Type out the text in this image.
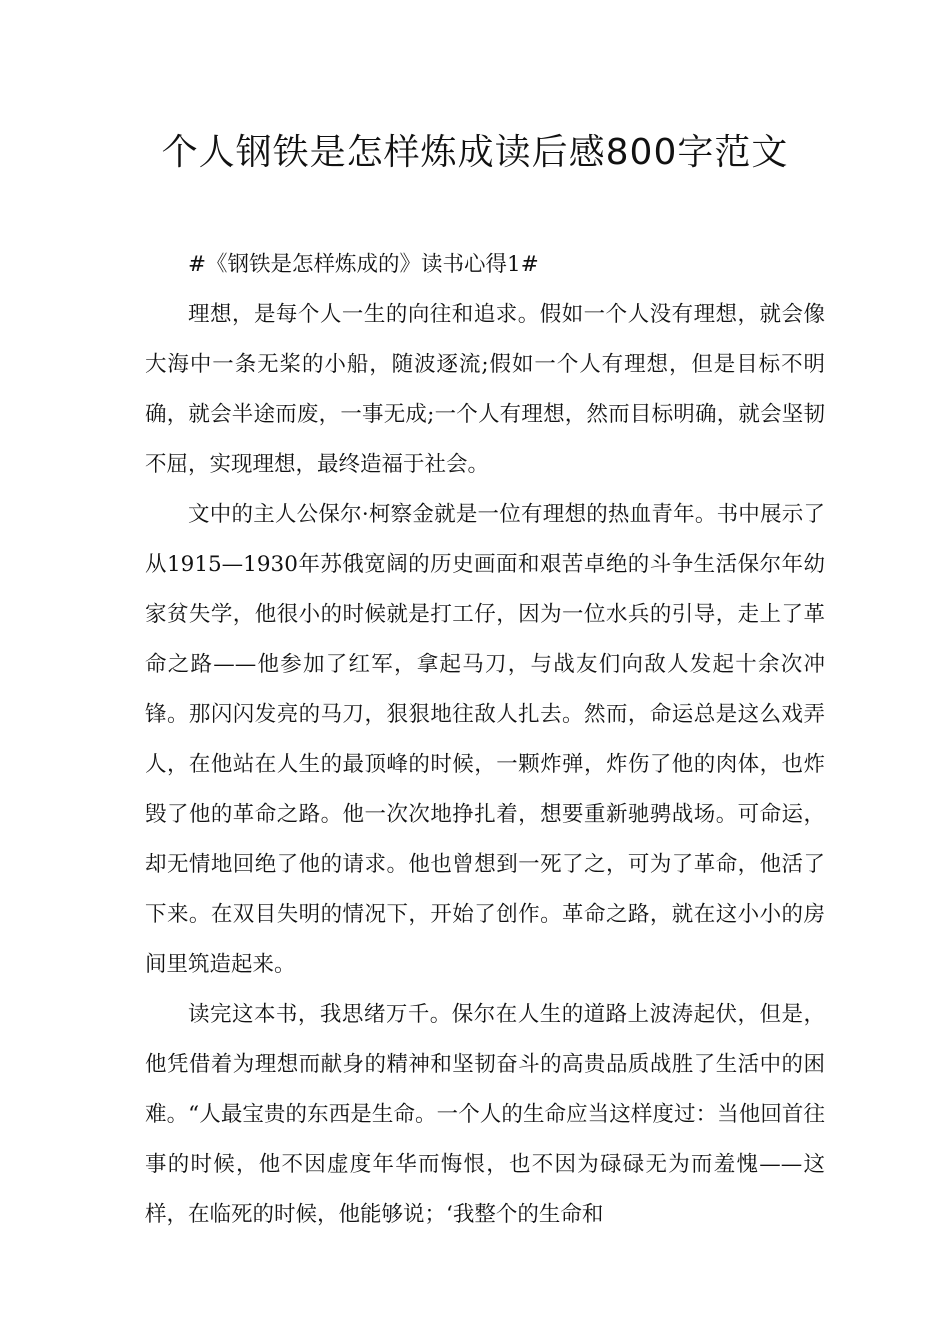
个人钢铁是怎样炼成读后感800字范文

#《钢铁是怎样炼成的》读书心得1#

理想，是每个人一生的向往和追求。假如一个人没有理想，就会像大海中一条无桨的小船，随波逐流;假如一个人有理想，但是目标不明确，就会半途而废，一事无成;一个人有理想，然而目标明确，就会坚韧不屈，实现理想，最终造福于社会。

文中的主人公保尔·柯察金就是一位有理想的热血青年。书中展示了从1915—1930年苏俄宽阔的历史画面和艰苦卓绝的斗争生活保尔年幼家贫失学，他很小的时候就是打工仔，因为一位水兵的引导，走上了革命之路——他参加了红军，拿起马刀，与战友们向敌人发起十余次冲锋。那闪闪发亮的马刀，狠狠地往敌人扎去。然而，命运总是这么戏弄人，在他站在人生的最顶峰的时候，一颗炸弹，炸伤了他的肉体，也炸毁了他的革命之路。他一次次地挣扎着，想要重新驰骋战场。可命运，却无情地回绝了他的请求。他也曾想到一死了之，可为了革命，他活了下来。在双目失明的情况下，开始了创作。革命之路，就在这小小的房间里筑造起来。

读完这本书，我思绪万千。保尔在人生的道路上波涛起伏，但是，他凭借着为理想而献身的精神和坚韧奋斗的高贵品质战胜了生活中的困难。“人最宝贵的东西是生命。一个人的生命应当这样度过：当他回首往事的时候，他不因虚度年华而悔恨，也不因为碌碌无为而羞愧——这样，在临死的时候，他能够说；‘我整个的生命和
